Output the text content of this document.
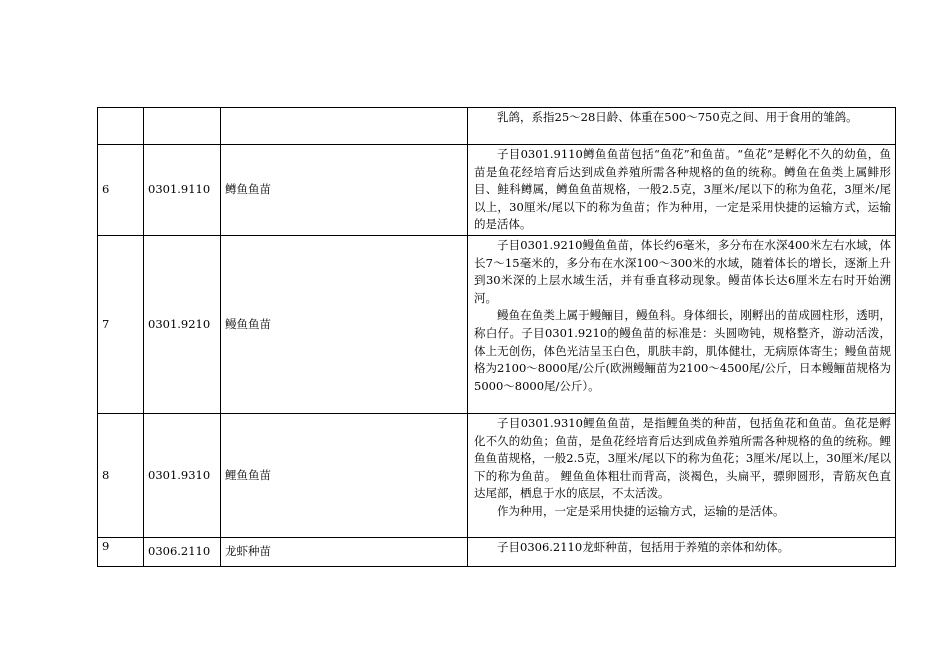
			乳鸽，系指25～28日龄、体重在500～750克之间、用于食用的雏鸽。

6	0301.9110	鳟鱼鱼苗	子目0301.9110鳟鱼鱼苗包括“鱼花”和鱼苗。“鱼花”是孵化不久的幼鱼，鱼苗是鱼花经培育后达到成鱼养殖所需各种规格的鱼的统称。鳟鱼在鱼类上属鲱形目、鲑科鳟属，鳟鱼鱼苗规格，一般2.5克，3厘米/尾以下的称为鱼花，3厘米/尾以上，30厘米/尾以下的称为鱼苗；作为种用，一定是采用快捷的运输方式，运输的是活体。

7	0301.9210	鳗鱼鱼苗	子目0301.9210鳗鱼鱼苗，体长约6毫米，多分布在水深400米左右水域，体长7～15毫米的，多分布在水深100～300米的水域，随着体长的增长，逐渐上升到30米深的上层水域生活，并有垂直移动现象。鳗苗体长达6厘米左右时开始溯河。

鳗鱼在鱼类上属于鳗鲡目，鳗鱼科。身体细长，刚孵出的苗成圆柱形，透明，称白仔。子目0301.9210的鳗鱼苗的标准是：头圆吻钝，规格整齐，游动活泼，体上无创伤，体色光洁呈玉白色，肌肤丰韵，肌体健壮，无病原体寄生；鳗鱼苗规格为2100～8000尾/公斤(欧洲鳗鲡苗为2100～4500尾/公斤，日本鳗鲡苗规格为5000～8000尾/公斤）。

8	0301.9310	鲤鱼鱼苗	子目0301.9310鲤鱼鱼苗，是指鲤鱼类的种苗，包括鱼花和鱼苗。鱼花是孵化不久的幼鱼；鱼苗，是鱼花经培育后达到成鱼养殖所需各种规格的鱼的统称。鲤鱼鱼苗规格，一般2.5克，3厘米/尾以下的称为鱼花；3厘米/尾以上，30厘米/尾以下的称为鱼苗。 鲤鱼鱼体粗壮而背高，淡褐色，头扁平，骠卵圆形，青筋灰色直达尾部，栖息于水的底层，不太活泼。

作为种用，一定是采用快捷的运输方式，运输的是活体。

9	0306.2110	龙虾种苗	子目0306.2110龙虾种苗，包括用于养殖的亲体和幼体。
